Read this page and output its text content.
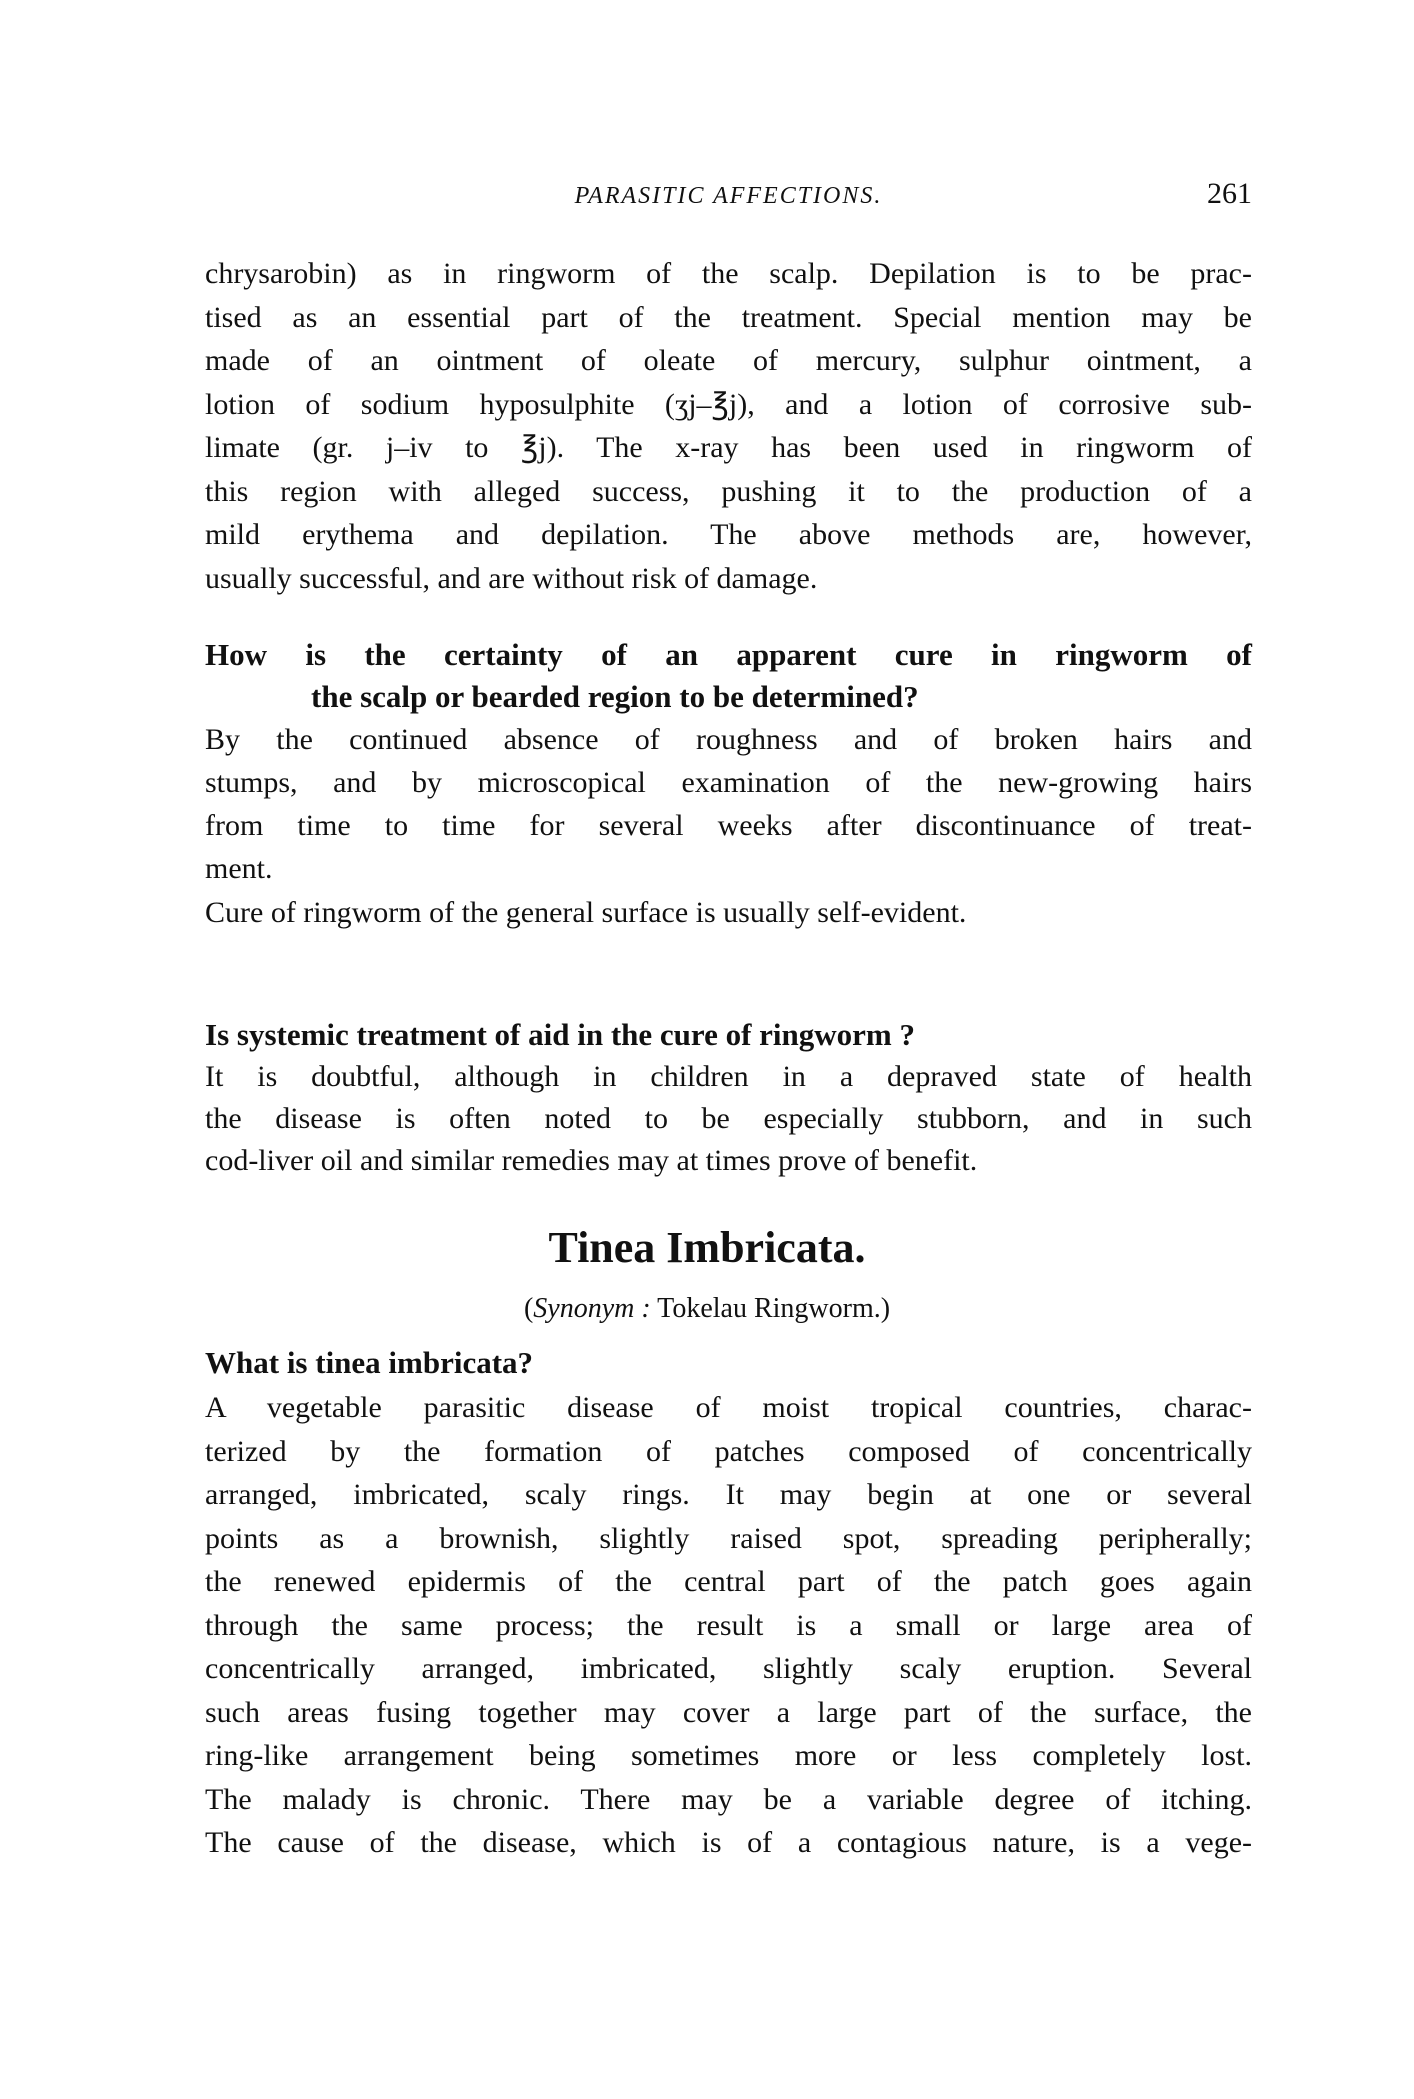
PARASITIC AFFECTIONS.	261
chrysarobin) as in ringworm of the scalp. Depilation is to be prac-
tised as an essential part of the treatment. Special mention may be
made of an ointment of oleate of mercury, sulphur ointment, a
lotion of sodium hyposulphite (ʒj–℥j), and a lotion of corrosive sub-
limate (gr. j–iv to ℥j). The x-ray has been used in ringworm of
this region with alleged success, pushing it to the production of a
mild erythema and depilation. The above methods are, however,
usually successful, and are without risk of damage.
How is the certainty of an apparent cure in ringworm of
the scalp or bearded region to be determined?
By the continued absence of roughness and of broken hairs and
stumps, and by microscopical examination of the new-growing hairs
from time to time for several weeks after discontinuance of treat-
ment.
Cure of ringworm of the general surface is usually self-evident.
Is systemic treatment of aid in the cure of ringworm ?
It is doubtful, although in children in a depraved state of health
the disease is often noted to be especially stubborn, and in such
cod-liver oil and similar remedies may at times prove of benefit.
Tinea Imbricata.
(Synonym : Tokelau Ringworm.)
What is tinea imbricata?
A vegetable parasitic disease of moist tropical countries, charac-
terized by the formation of patches composed of concentrically
arranged, imbricated, scaly rings. It may begin at one or several
points as a brownish, slightly raised spot, spreading peripherally;
the renewed epidermis of the central part of the patch goes again
through the same process; the result is a small or large area of
concentrically arranged, imbricated, slightly scaly eruption. Several
such areas fusing together may cover a large part of the surface, the
ring-like arrangement being sometimes more or less completely lost.
The malady is chronic. There may be a variable degree of itching.
The cause of the disease, which is of a contagious nature, is a vege-
